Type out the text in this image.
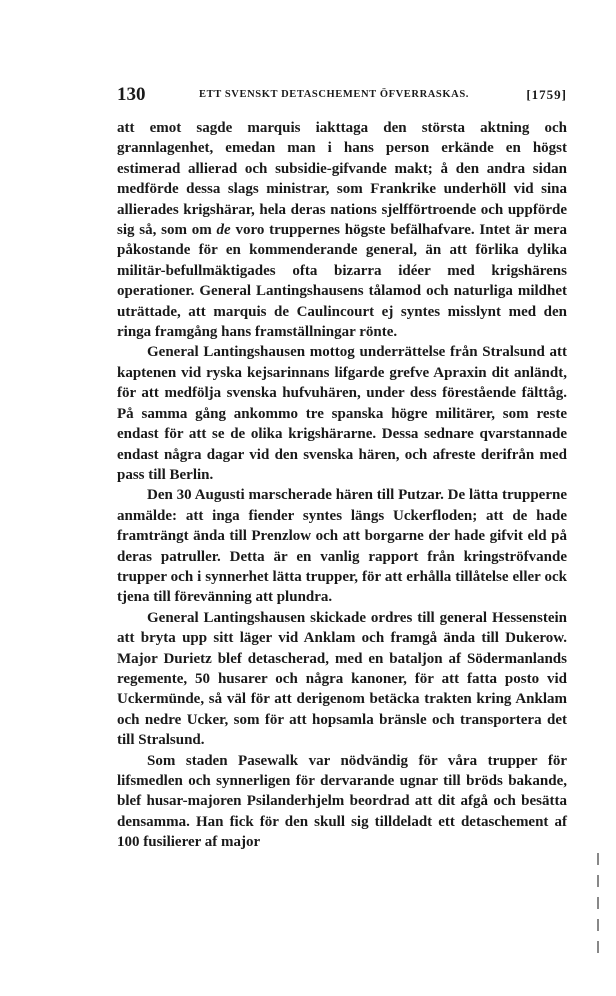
130	ETT SVENSKT DETASCHEMENT ÖFVERRASKAS.	[1759]

att emot sagde marquis iakttaga den största aktning och grannlagenhet, emedan man i hans person erkände en högst estimerad allierad och subsidie-gifvande makt; å den andra sidan medförde dessa slags ministrar, som Frankrike underhöll vid sina allierades krigshärar, hela deras nations sjelfförtroende och uppförde sig så, som om de voro truppernes högste befälhafvare. Intet är mera påkostande för en kommenderande general, än att förlika dylika militär-befullmäktigades ofta bizarra idéer med krigshärens operationer. General Lantingshausens tålamod och naturliga mildhet uträttade, att marquis de Caulincourt ej syntes misslynt med den ringa framgång hans framställningar rönte.

General Lantingshausen mottog underrättelse från Stralsund att kaptenen vid ryska kejsarinnans lifgarde grefve Apraxin dit anländt, för att medfölja svenska hufvuhären, under dess förestående fälttåg. På samma gång ankommo tre spanska högre militärer, som reste endast för att se de olika krigshärarne. Dessa sednare qvarstannade endast några dagar vid den svenska hären, och afreste derifrån med pass till Berlin.

Den 30 Augusti marscherade hären till Putzar. De lätta trupperne anmälde: att inga fiender syntes längs Uckerfloden; att de hade framträngt ända till Prenzlow och att borgarne der hade gifvit eld på deras patruller. Detta är en vanlig rapport från kringströfvande trupper och i synnerhet lätta trupper, för att erhålla tillåtelse eller ock tjena till förevänning att plundra.

General Lantingshausen skickade ordres till general Hessenstein att bryta upp sitt läger vid Anklam och framgå ända till Dukerow. Major Durietz blef detascherad, med en bataljon af Södermanlands regemente, 50 husarer och några kanoner, för att fatta posto vid Uckermünde, så väl för att derigenom betäcka trakten kring Anklam och nedre Ucker, som för att hopsamla bränsle och transportera det till Stralsund.

Som staden Pasewalk var nödvändig för våra trupper för lifsmedlen och synnerligen för dervarande ugnar till bröds bakande, blef husar-majoren Psilanderhjelm beordrad att dit afgå och besätta densamma. Han fick för den skull sig tilldeladt ett detaschement af 100 fusilierer af major
